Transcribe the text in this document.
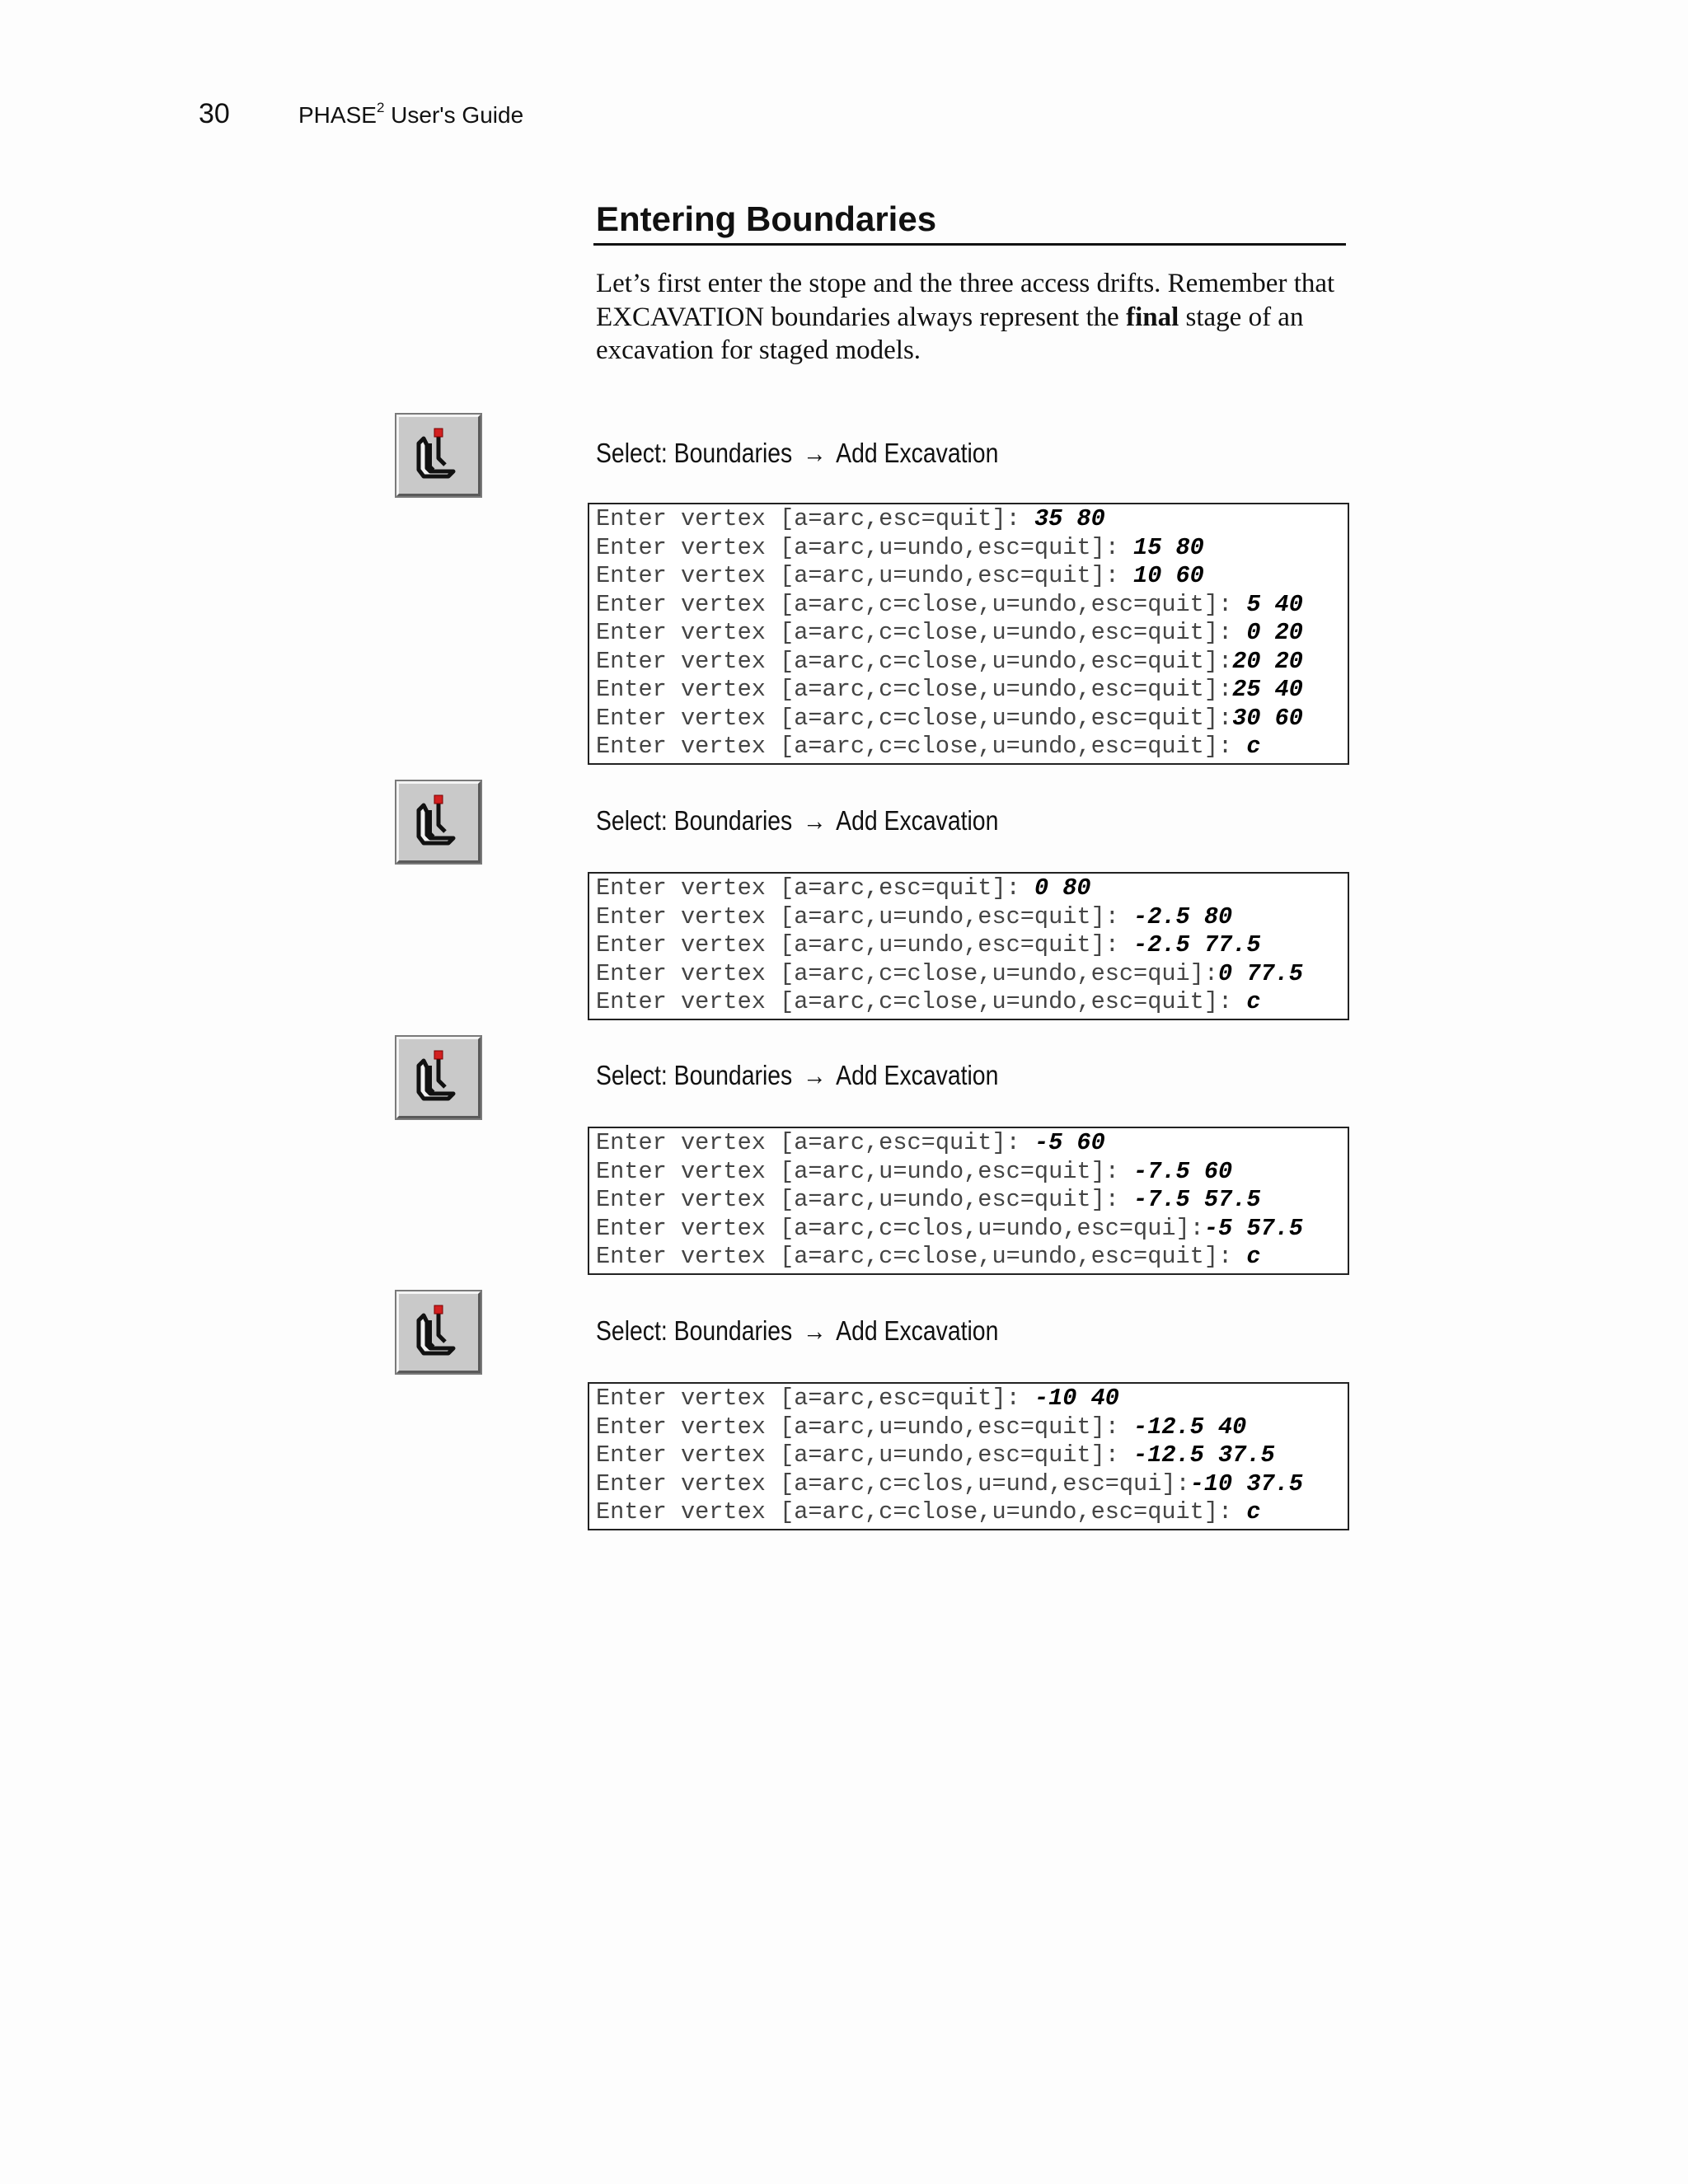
30	PHASE$^2$ User's Guide
Entering Boundaries

Let’s first enter the stope and the three access drifts. Remember that EXCAVATION boundaries always represent the final stage of an excavation for staged models.

Select: Boundaries → Add Excavation
Enter vertex [a=arc,esc=quit]: 35 80
Enter vertex [a=arc,u=undo,esc=quit]: 15 80
Enter vertex [a=arc,u=undo,esc=quit]: 10 60
Enter vertex [a=arc,c=close,u=undo,esc=quit]: 5 40
Enter vertex [a=arc,c=close,u=undo,esc=quit]: 0 20
Enter vertex [a=arc,c=close,u=undo,esc=quit]:20 20
Enter vertex [a=arc,c=close,u=undo,esc=quit]:25 40
Enter vertex [a=arc,c=close,u=undo,esc=quit]:30 60
Enter vertex [a=arc,c=close,u=undo,esc=quit]: c
Select: Boundaries → Add Excavation
Enter vertex [a=arc,esc=quit]: 0 80
Enter vertex [a=arc,u=undo,esc=quit]: -2.5 80
Enter vertex [a=arc,u=undo,esc=quit]: -2.5 77.5
Enter vertex [a=arc,c=close,u=undo,esc=qui]:0 77.5
Enter vertex [a=arc,c=close,u=undo,esc=quit]: c
Select: Boundaries → Add Excavation
Enter vertex [a=arc,esc=quit]: -5 60
Enter vertex [a=arc,u=undo,esc=quit]: -7.5 60
Enter vertex [a=arc,u=undo,esc=quit]: -7.5 57.5
Enter vertex [a=arc,c=clos,u=undo,esc=qui]:-5 57.5
Enter vertex [a=arc,c=close,u=undo,esc=quit]: c
Select: Boundaries → Add Excavation
Enter vertex [a=arc,esc=quit]: -10 40
Enter vertex [a=arc,u=undo,esc=quit]: -12.5 40
Enter vertex [a=arc,u=undo,esc=quit]: -12.5 37.5
Enter vertex [a=arc,c=clos,u=und,esc=qui]:-10 37.5
Enter vertex [a=arc,c=close,u=undo,esc=quit]: c
